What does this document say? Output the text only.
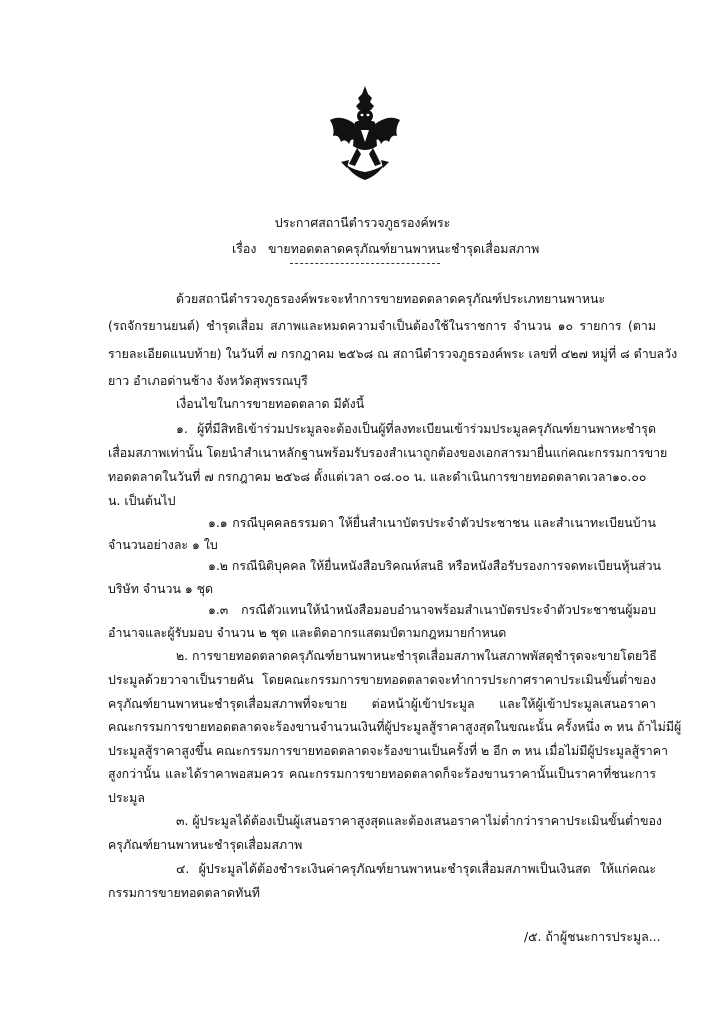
ประกาศสถานีตำรวจภูธรองค์พระ
เรื่อง ขายทอดตลาดครุภัณฑ์ยานพาหนะชำรุดเสื่อมสภาพ
ด้วยสถานีตำรวจภูธรองค์พระจะทำการขายทอดตลาดครุภัณฑ์ประเภทยานพาหนะ
(รถจักรยานยนต์) ชำรุดเสื่อม สภาพและหมดความจำเป็นต้องใช้ในราชการ จำนวน ๑๐ รายการ (ตาม
รายละเอียดแนบท้าย) ในวันที่ ๗ กรกฎาคม ๒๕๖๘ ณ สถานีตำรวจภูธรองค์พระ เลขที่ ๔๒๗ หมู่ที่ ๘ ตำบลวัง
ยาว อำเภอด่านช้าง จังหวัดสุพรรณบุรี
เงื่อนไขในการขายทอดตลาด มีดังนี้
๑. ผู้ที่มีสิทธิเข้าร่วมประมูลจะต้องเป็นผู้ที่ลงทะเบียนเข้าร่วมประมูลครุภัณฑ์ยานพาหะชำรุด
เสื่อมสภาพเท่านั้น โดยนำสำเนาหลักฐานพร้อมรับรองสำเนาถูกต้องของเอกสารมายื่นแก่คณะกรรมการขาย
ทอดตลาดในวันที่ ๗ กรกฎาคม ๒๕๖๘ ตั้งแต่เวลา ๐๘.๐๐ น. และดำเนินการขายทอดตลาดเวลา ๑๐.๐๐
น. เป็นต้นไป
๑.๑ กรณีบุคคลธรรมดา ให้ยื่นสำเนาบัตรประจำตัวประชาชน และสำเนาทะเบียนบ้าน
จำนวนอย่างละ ๑ ใบ
๑.๒ กรณีนิติบุคคล ให้ยื่นหนังสือบริคณห์สนธิ หรือหนังสือรับรองการจดทะเบียนหุ้นส่วน
บริษัท จำนวน ๑ ชุด
๑.๓ กรณีตัวแทนให้นำหนังสือมอบอำนาจพร้อมสำเนาบัตรประจำตัวประชาชนผู้มอบ
อำนาจและผู้รับมอบ จำนวน ๒ ชุด และติดอากรแสตมป์ตามกฎหมายกำหนด
๒. การขายทอดตลาดครุภัณฑ์ยานพาหนะชำรุดเสื่อมสภาพในสภาพพัสดุชำรุดจะขายโดยวิธี
ประมูลด้วยวาจาเป็นรายคัน โดยคณะกรรมการขายทอดตลาดจะทำการประกาศราคาประเมินขั้นต่ำของ
ครุภัณฑ์ยานพาหนะชำรุดเสื่อมสภาพที่จะขาย ต่อหน้าผู้เข้าประมูล และให้ผู้เข้าประมูลเสนอราคา
คณะกรรมการขายทอดตลาดจะร้องขานจำนวนเงินที่ผู้ประมูลสู้ราคาสูงสุดในขณะนั้น ครั้งหนึ่ง ๓ หน ถ้าไม่มีผู้
ประมูลสู้ราคาสูงขึ้น คณะกรรมการขายทอดตลาดจะร้องขานเป็นครั้งที่ ๒ อีก ๓ หน เมื่อไม่มีผู้ประมูลสู้ราคา
สูงกว่านั้น และได้ราคาพอสมควร คณะกรรมการขายทอดตลาดก็จะร้องขานราคานั้นเป็นราคาที่ชนะการ
ประมูล
๓. ผู้ประมูลได้ต้องเป็นผู้เสนอราคาสูงสุดและต้องเสนอราคาไม่ต่ำกว่าราคาประเมินขั้นต่ำของ
ครุภัณฑ์ยานพาหนะชำรุดเสื่อมสภาพ
๔. ผู้ประมูลได้ต้องชำระเงินค่าครุภัณฑ์ยานพาหนะชำรุดเสื่อมสภาพเป็นเงินสด ให้แก่คณะ
กรรมการขายทอดตลาดทันที
/๕. ถ้าผู้ชนะการประมูล...
